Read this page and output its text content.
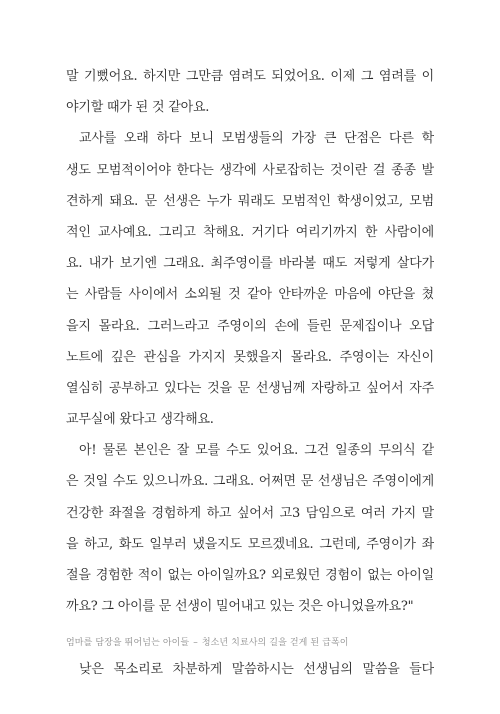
말 기뻤어요. 하지만 그만큼 염려도 되었어요. 이제 그 염려를 이
야기할 때가 된 것 같아요.
교사를 오래 하다 보니 모범생들의 가장 큰 단점은 다른 학
생도 모범적이어야 한다는 생각에 사로잡히는 것이란 걸 종종 발
견하게 돼요. 문 선생은 누가 뭐래도 모범적인 학생이었고, 모범
적인 교사예요. 그리고 착해요. 거기다 여리기까지 한 사람이에
요. 내가 보기엔 그래요. 최주영이를 바라볼 때도 저렇게 살다가
는 사람들 사이에서 소외될 것 같아 안타까운 마음에 야단을 쳤
을지 몰라요. 그러느라고 주영이의 손에 들린 문제집이나 오답
노트에 깊은 관심을 가지지 못했을지 몰라요. 주영이는 자신이
열심히 공부하고 있다는 것을 문 선생님께 자랑하고 싶어서 자주
교무실에 왔다고 생각해요.
아! 물론 본인은 잘 모를 수도 있어요. 그건 일종의 무의식 같
은 것일 수도 있으니까요. 그래요. 어쩌면 문 선생님은 주영이에게
건강한 좌절을 경험하게 하고 싶어서 고3 담임으로 여러 가지 말
을 하고, 화도 일부러 냈을지도 모르겠네요. 그런데, 주영이가 좌
절을 경험한 적이 없는 아이일까요? 외로웠던 경험이 없는 아이일
까요? 그 아이를 문 선생이 밀어내고 있는 것은 아니었을까요?"
낮은 목소리로 차분하게 말씀하시는 선생님의 말씀을 들다
엄마를 담장을 뛰어넘는 아이들 – 청소년 치료사의 길을 걷게 된 급폭이
